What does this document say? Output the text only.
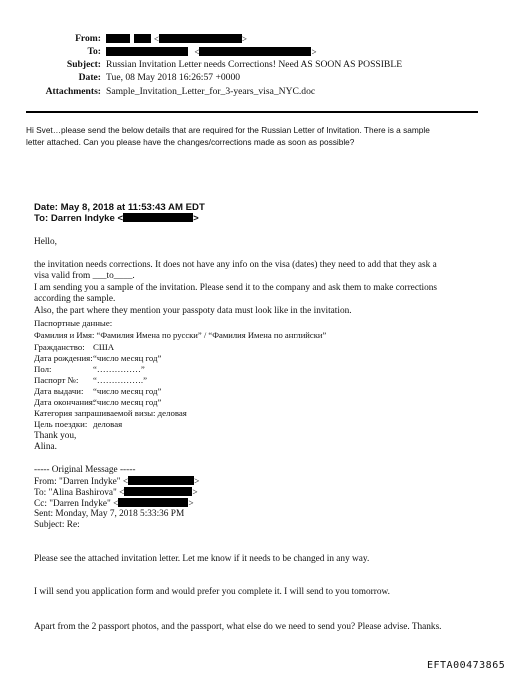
From:	<	>
To:	<	>
Subject: Russian Invitation Letter needs Corrections! Need AS SOON AS POSSIBLE
Date: Tue, 08 May 2018 16:26:57 +0000
Attachments: Sample_Invitation_Letter_for_3-years_visa_NYC.doc
Hi Svet…please send the below details that are required for the Russian Letter of Invitation. There is a sample
letter attached. Can you please have the changes/corrections made as soon as possible?
Date: May 8, 2018 at 11:53:43 AM EDT
To: Darren Indyke <	>
Hello,
the invitation needs corrections. It does not have any info on the visa (dates) they need to add that they ask a
visa valid from ___to____.
I am sending you a sample of the invitation. Please send it to the company and ask them to make corrections
according the sample.
Also, the part where they mention your passpoty data must look like in the invitation.
Паспортные данные:
Фамилия и Имя: “Фамилия Имена по русски” / “Фамилия Имена по английски”
Гражданство: США
Дата рождения:“число месяц год”
Пол:	“……………”
Паспорт №: “…………….”
Дата выдачи: “число месяц год”
Дата окончания:“число месяц год”
Категория запрашиваемой визы: деловая
Цель поездки: деловая
Thank you,
Alina.
----- Original Message -----
From: "Darren Indyke" <	>
To: "Alina Bashirova" <	>
Cc: "Darren Indyke" <	>
Sent: Monday, May 7, 2018 5:33:36 PM
Subject: Re:
Please see the attached invitation letter. Let me know if it needs to be changed in any way.
I will send you application form and would prefer you complete it. I will send to you tomorrow.
Apart from the 2 passport photos, and the passport, what else do we need to send you? Please advise. Thanks.
EFTA00473865
